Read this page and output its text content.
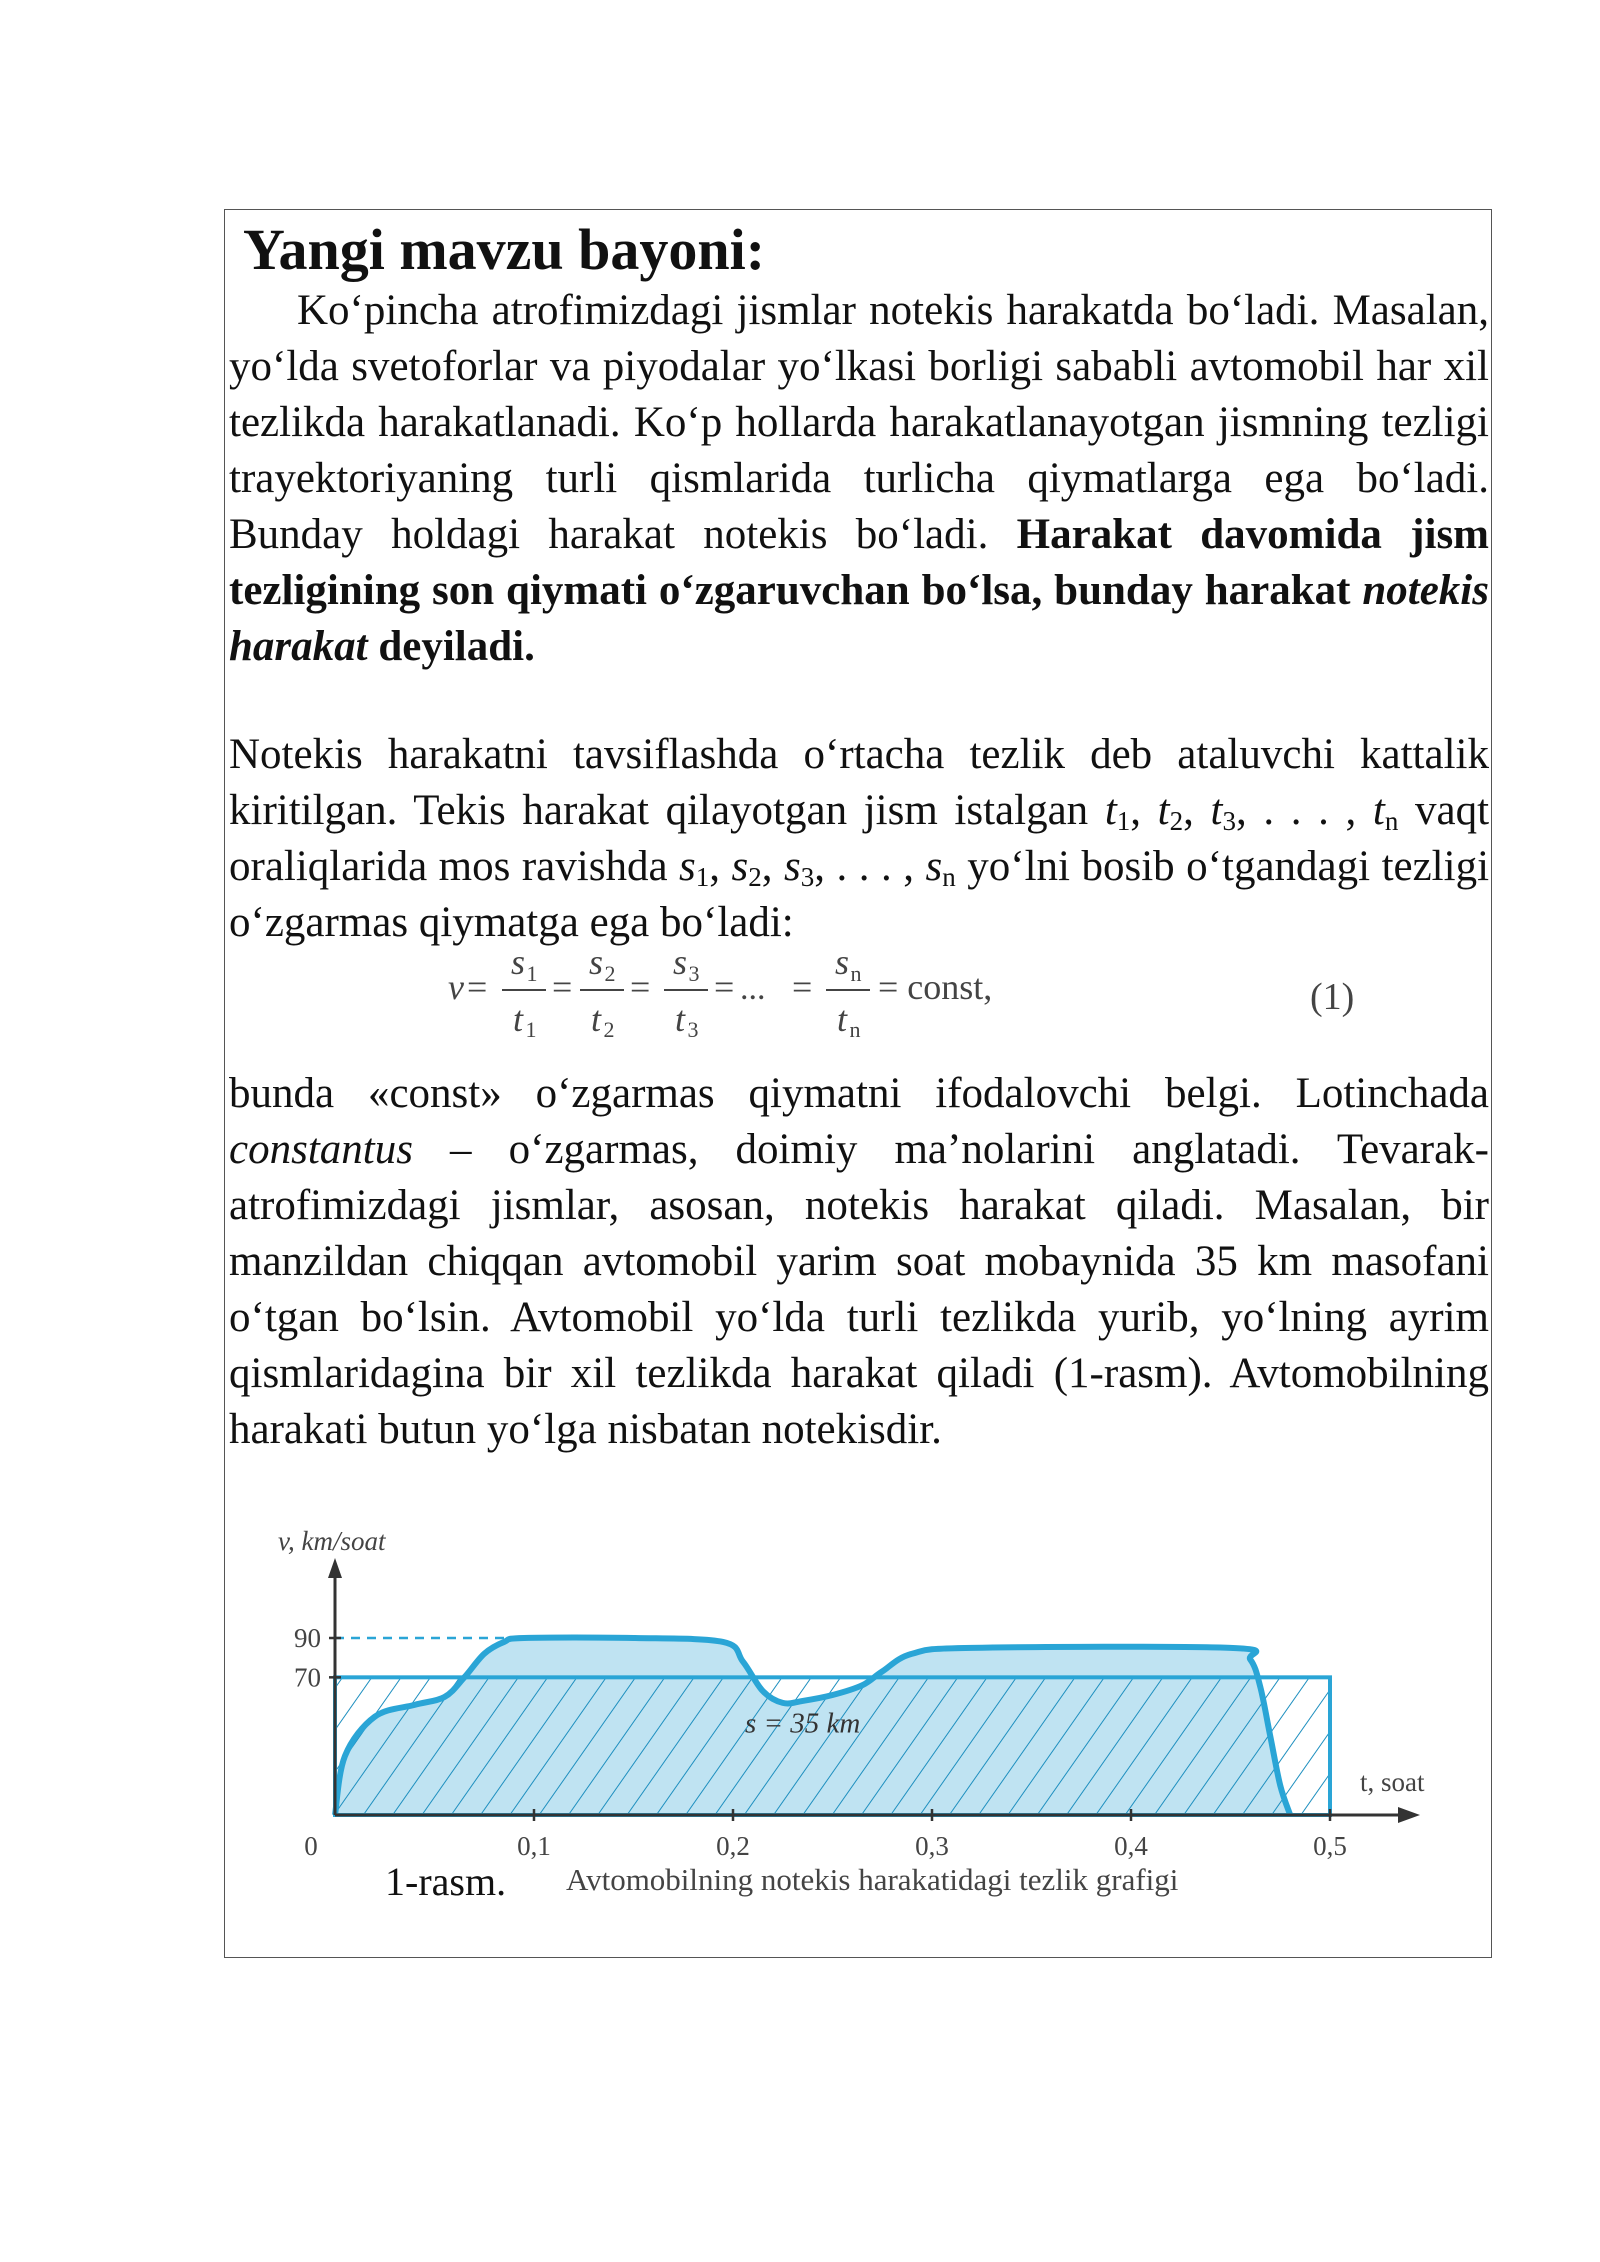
Yangi mavzu bayoni:

Ko‘pincha atrofimizdagi jismlar notekis harakatda bo‘ladi. Masalan, yo‘lda svetoforlar va piyodalar yo‘lkasi borligi sababli avtomobil har xil tezlikda harakatlanadi. Ko‘p hollarda harakatlanayotgan jismning tezligi trayektoriyaning turli qismlarida turlicha qiymatlarga ega bo‘ladi. Bunday holdagi harakat notekis bo‘ladi. Harakat davomida jism tezligining son qiymati o‘zgaruvchan bo‘lsa, bunday harakat notekis harakat deyiladi.

Notekis harakatni tavsiflashda o‘rtacha tezlik deb ataluvchi kattalik kiritilgan. Tekis harakat qilayotgan jism istalgan $t_1$, $t_2$, $t_3$, . . . , $t_n$ vaqt oraliqlarida mos ravishda $s_1$, $s_2$, $s_3$, . . . , $s_n$ yo‘lni bosib o‘tgandagi tezligi o‘zgarmas qiymatga ega bo‘ladi:

v =
s 1
t 1
=
s 2
t 2
=
s 3
t 3
= ... =
s n
t n
= const,	(1)

bunda «const» o‘zgarmas qiymatni ifodalovchi belgi. Lotinchada constantus – o‘zgarmas, doimiy ma’nolarini anglatadi. Tevarak-atrofimizdagi jismlar, asosan, notekis harakat qiladi. Masalan, bir manzildan chiqqan avtomobil yarim soat mobaynida 35 km masofani o‘tgan bo‘lsin. Avtomobil yo‘lda turli tezlikda yurib, yo‘lning ayrim qismlaridagina bir xil tezlikda harakat qiladi (1-rasm). Avtomobilning harakati butun yo‘lga nisbatan notekisdir.

v, km/soat
t, soat
0	0,1	0,2	0,3	0,4	0,5
70
90
s = 35 km
1-rasm. Avtomobilning notekis harakatidagi tezlik grafigi
